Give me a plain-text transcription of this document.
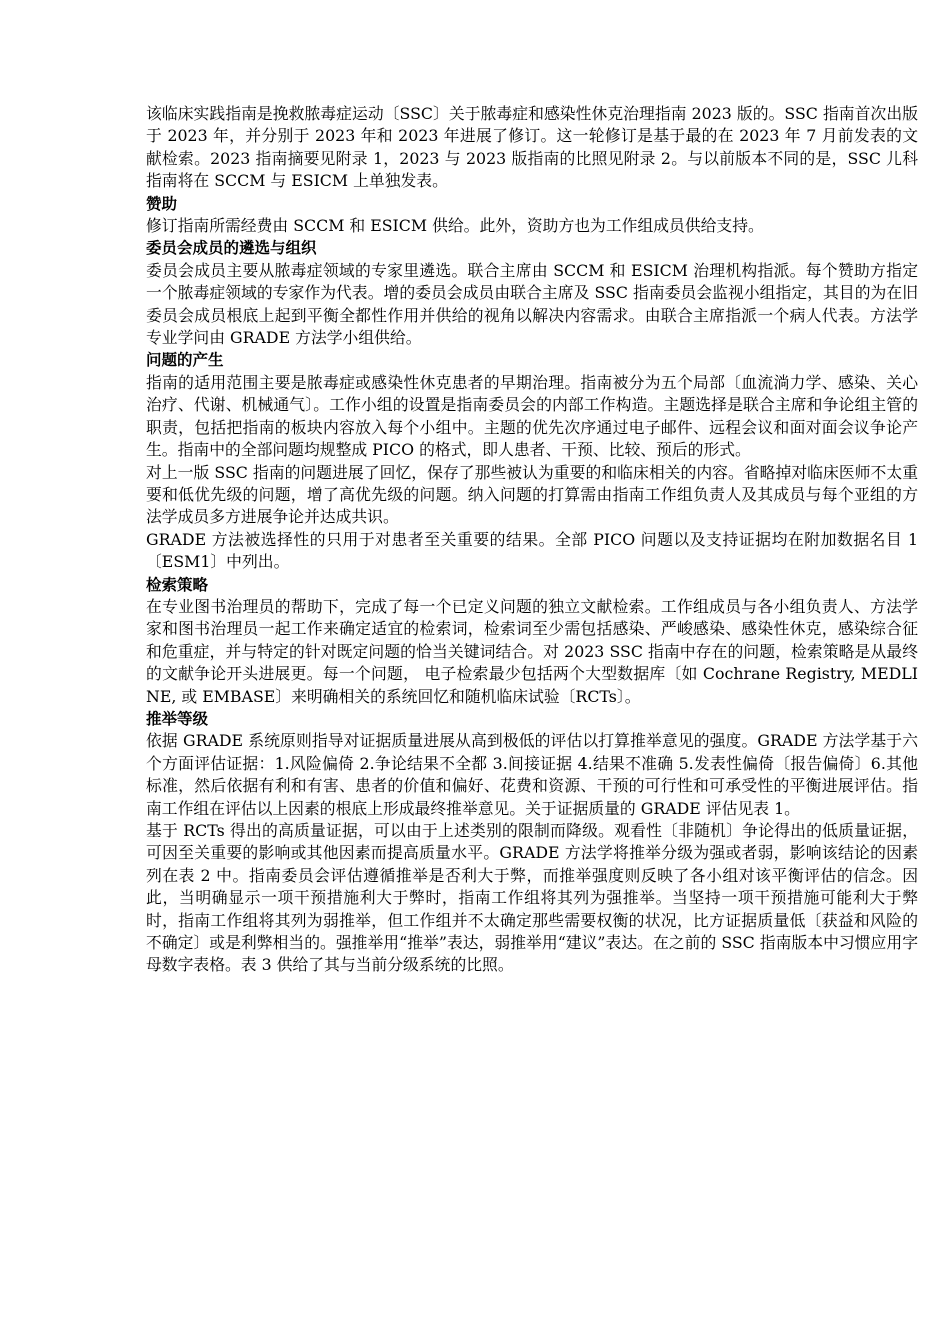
该临床实践指南是挽救脓毒症运动〔SSC〕关于脓毒症和感染性休克治理指南 2023 版的。SSC 指南首次出版于 2023 年，并分别于 2023 年和 2023 年进展了修订。这一轮修订是基于最的在 2023 年 7 月前发表的文献检索。2023 指南摘要见附录 1，2023 与 2023 版指南的比照见附录 2。与以前版本不同的是，SSC 儿科指南将在 SCCM 与 ESICM 上单独发表。

赞助

修订指南所需经费由 SCCM 和 ESICM 供给。此外，资助方也为工作组成员供给支持。

委员会成员的遴选与组织

委员会成员主要从脓毒症领域的专家里遴选。联合主席由 SCCM 和 ESICM 治理机构指派。每个赞助方指定一个脓毒症领域的专家作为代表。增的委员会成员由联合主席及 SSC 指南委员会监视小组指定，其目的为在旧委员会成员根底上起到平衡全都性作用并供给的视角以解决内容需求。由联合主席指派一个病人代表。方法学专业学问由 GRADE 方法学小组供给。

问题的产生

指南的适用范围主要是脓毒症或感染性休克患者的早期治理。指南被分为五个局部〔血流淌力学、感染、关心治疗、代谢、机械通气〕。工作小组的设置是指南委员会的内部工作构造。主题选择是联合主席和争论组主管的职责，包括把指南的板块内容放入每个小组中。主题的优先次序通过电子邮件、远程会议和面对面会议争论产生。指南中的全部问题均规整成 PICO 的格式，即人患者、干预、比较、预后的形式。

对上一版 SSC 指南的问题进展了回忆，保存了那些被认为重要的和临床相关的内容。省略掉对临床医师不太重要和低优先级的问题，增了高优先级的问题。纳入问题的打算需由指南工作组负责人及其成员与每个亚组的方法学成员多方进展争论并达成共识。

GRADE 方法被选择性的只用于对患者至关重要的结果。全部 PICO 问题以及支持证据均在附加数据名目 1〔ESM1〕中列出。

检索策略

在专业图书治理员的帮助下，完成了每一个已定义问题的独立文献检索。工作组成员与各小组负责人、方法学家和图书治理员一起工作来确定适宜的检索词，检索词至少需包括感染、严峻感染、感染性休克，感染综合征和危重症，并与特定的针对既定问题的恰当关键词结合。对 2023 SSC 指南中存在的问题，检索策略是从最终的文献争论开头进展更。每一个问题， 电子检索最少包括两个大型数据库〔如 Cochrane Registry, MEDLINE, 或 EMBASE〕来明确相关的系统回忆和随机临床试验〔RCTs〕。

推举等级

依据 GRADE 系统原则指导对证据质量进展从高到极低的评估以打算推举意见的强度。GRADE 方法学基于六个方面评估证据：1.风险偏倚 2.争论结果不全都 3.间接证据 4.结果不准确 5.发表性偏倚〔报告偏倚〕6.其他标准，然后依据有利和有害、患者的价值和偏好、花费和资源、干预的可行性和可承受性的平衡进展评估。指南工作组在评估以上因素的根底上形成最终推举意见。关于证据质量的 GRADE 评估见表 1。

基于 RCTs 得出的高质量证据，可以由于上述类别的限制而降级。观看性〔非随机〕争论得出的低质量证据，可因至关重要的影响或其他因素而提高质量水平。GRADE 方法学将推举分级为强或者弱，影响该结论的因素列在表 2 中。指南委员会评估遵循推举是否利大于弊，而推举强度则反映了各小组对该平衡评估的信念。因此，当明确显示一项干预措施利大于弊时，指南工作组将其列为强推举。当坚持一项干预措施可能利大于弊时，指南工作组将其列为弱推举，但工作组并不太确定那些需要权衡的状况，比方证据质量低〔获益和风险的不确定〕或是利弊相当的。强推举用“推举”表达，弱推举用“建议”表达。在之前的 SSC 指南版本中习惯应用字母数字表格。表 3 供给了其与当前分级系统的比照。
